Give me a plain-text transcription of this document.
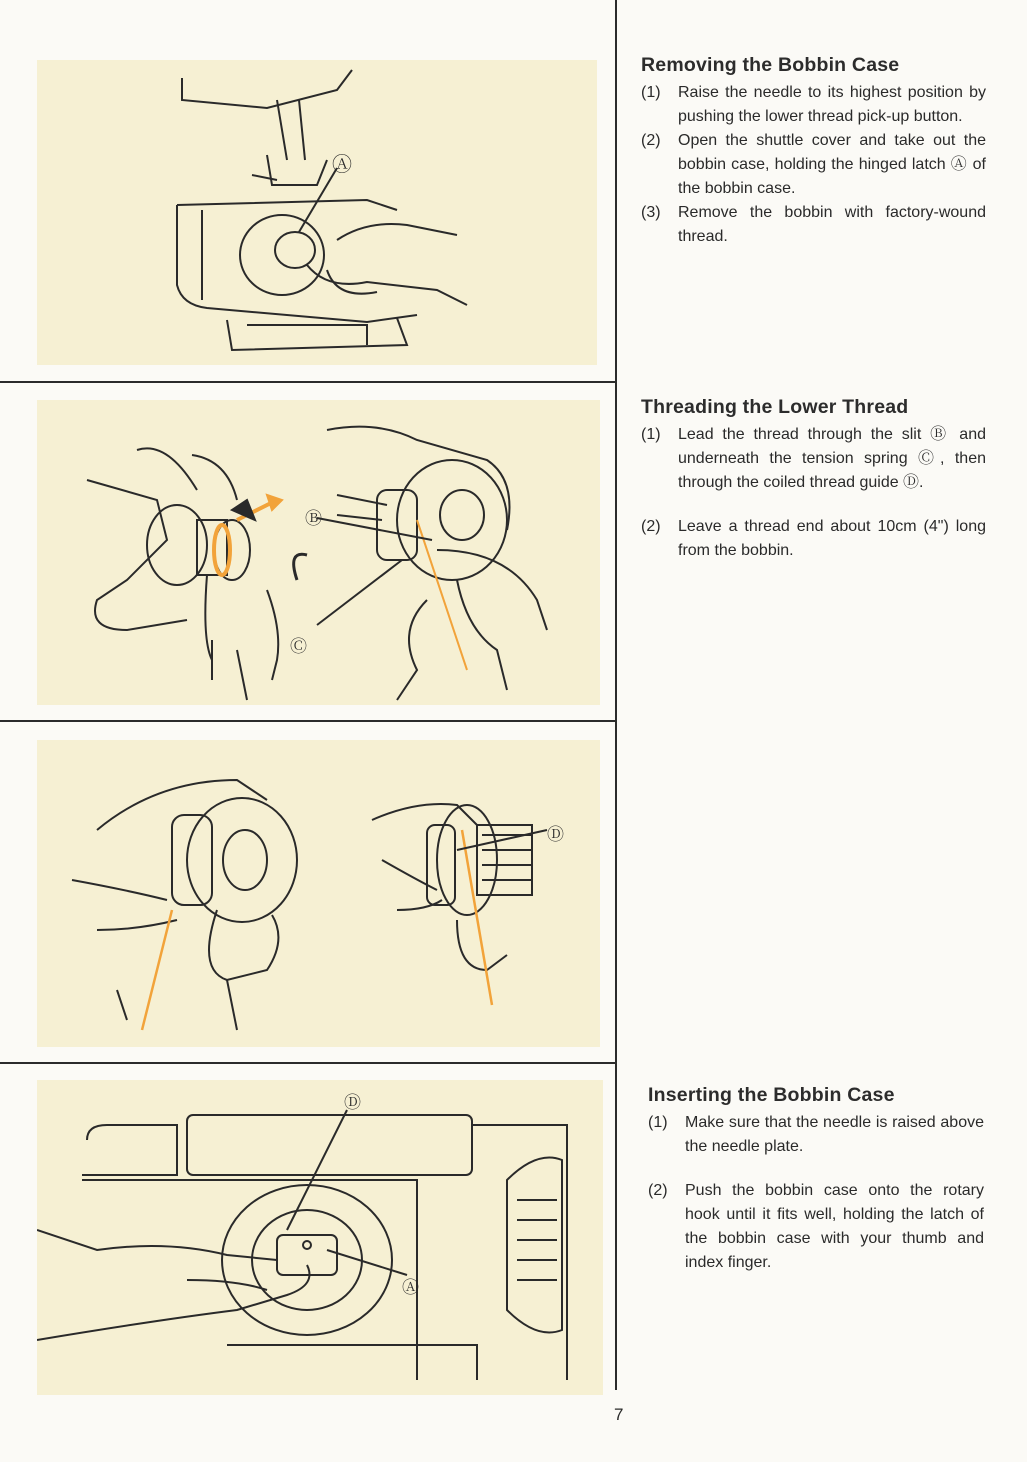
Ⓐ
Ⓑ
Ⓒ
Ⓓ
Ⓓ
Ⓐ
Removing the Bobbin Case
(1) Raise the needle to its highest position by pushing the lower thread pick-up button.
(2) Open the shuttle cover and take out the bobbin case, holding the hinged latch Ⓐ of the bobbin case.
(3) Remove the bobbin with factory-wound thread.
Threading the Lower Thread
(1) Lead the thread through the slit Ⓑ and underneath the tension spring Ⓒ, then through the coiled thread guide Ⓓ.
(2) Leave a thread end about 10cm (4") long from the bobbin.
Inserting the Bobbin Case
(1) Make sure that the needle is raised above the needle plate.
(2) Push the bobbin case onto the rotary hook until it fits well, holding the latch of the bobbin case with your thumb and index finger.
7
